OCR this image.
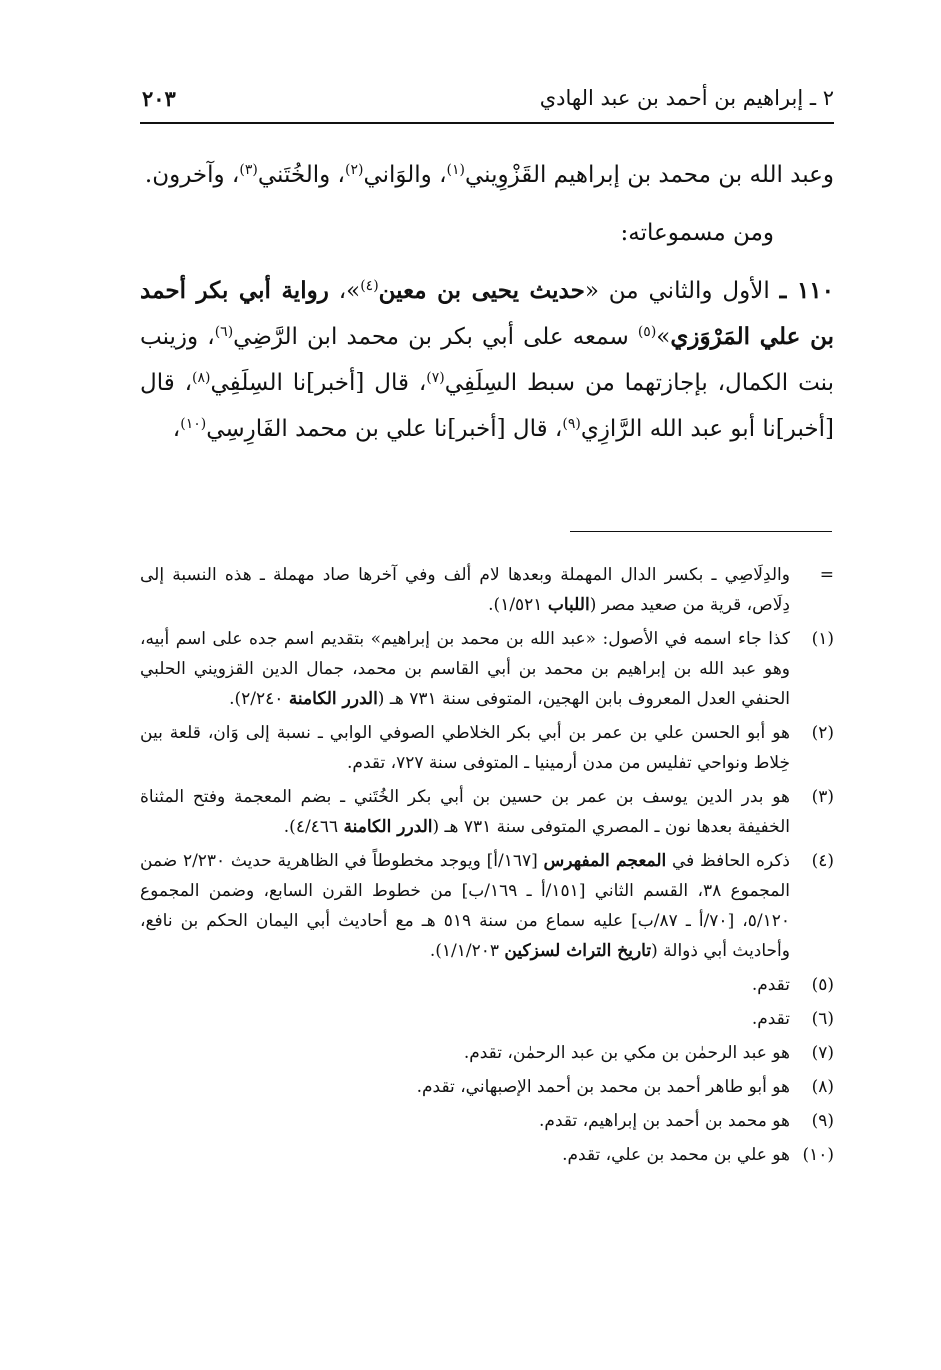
٢ ـ إبراهيم بن أحمد بن عبد الهادي
٢٠٣

وعبد الله بن محمد بن إبراهيم القَزْوِيني$^{(١)}$، والوَاني$^{(٢)}$، والخُتَني$^{(٣)}$، وآخرون.

ومن مسموعاته:

١١٠ ـ الأول والثاني من «حديث يحيى بن معين$^{(٤)}$»، رواية أبي بكر أحمد بن علي المَرْوَزي»$^{(٥)}$ سمعه على أبي بكر بن محمد ابن الرَّضِي$^{(٦)}$، وزينب بنت الكمال، بإجازتهما من سبط السِلَفِي$^{(٧)}$، قال [أخبر]نا السِلَفِي$^{(٨)}$، قال [أخبر]نا أبو عبد الله الرَّازِي$^{(٩)}$، قال [أخبر]نا علي بن محمد الفَارِسِي$^{(١٠)}$،

=
والدِلَاصِي ـ بكسر الدال المهملة وبعدها لام ألف وفي آخرها صاد مهملة ـ هذه النسبة إلى دِلَاص، قرية من صعيد مصر (اللباب ١/٥٢١).
(١)
كذا جاء اسمه في الأصول: «عبد الله بن محمد بن إبراهيم» بتقديم اسم جده على اسم أبيه، وهو عبد الله بن إبراهيم بن محمد بن أبي القاسم بن محمد، جمال الدين القزويني الحلبي الحنفي العدل المعروف بابن الهجين، المتوفى سنة ٧٣١ هـ (الدرر الكامنة ٢/٢٤٠).
(٢)
هو أبو الحسن علي بن عمر بن أبي بكر الخلاطي الصوفي الوابي ـ نسبة إلى وَان، قلعة بين خِلاط ونواحي تفليس من مدن أرمينيا ـ المتوفى سنة ٧٢٧، تقدم.
(٣)
هو بدر الدين يوسف بن عمر بن حسين بن أبي بكر الخُتَني ـ بضم المعجمة وفتح المثناة الخفيفة بعدها نون ـ المصري المتوفى سنة ٧٣١ هـ (الدرر الكامنة ٤/٤٦٦).
(٤)
ذكره الحافظ في المعجم المفهرس [١٦٧/أ] ويوجد مخطوطاً في الظاهرية حديث ٢/٢٣٠ ضمن المجموع ٣٨، القسم الثاني [١٥١/أ ـ ١٦٩/ب] من خطوط القرن السابع، وضمن المجموع ٥/١٢٠، [٧٠/أ ـ ٨٧/ب] عليه سماع من سنة ٥١٩ هـ مع أحاديث أبي اليمان الحكم بن نافع، وأحاديث أبي ذوالة (تاريخ التراث لسزكين ١/١/٢٠٣).
(٥)
تقدم.
(٦)
تقدم.
(٧)
هو عبد الرحمٰن بن مكي بن عبد الرحمٰن، تقدم.
(٨)
هو أبو طاهر أحمد بن محمد بن أحمد الإصبهاني، تقدم.
(٩)
هو محمد بن أحمد بن إبراهيم، تقدم.
(١٠)
هو علي بن محمد بن علي، تقدم.
